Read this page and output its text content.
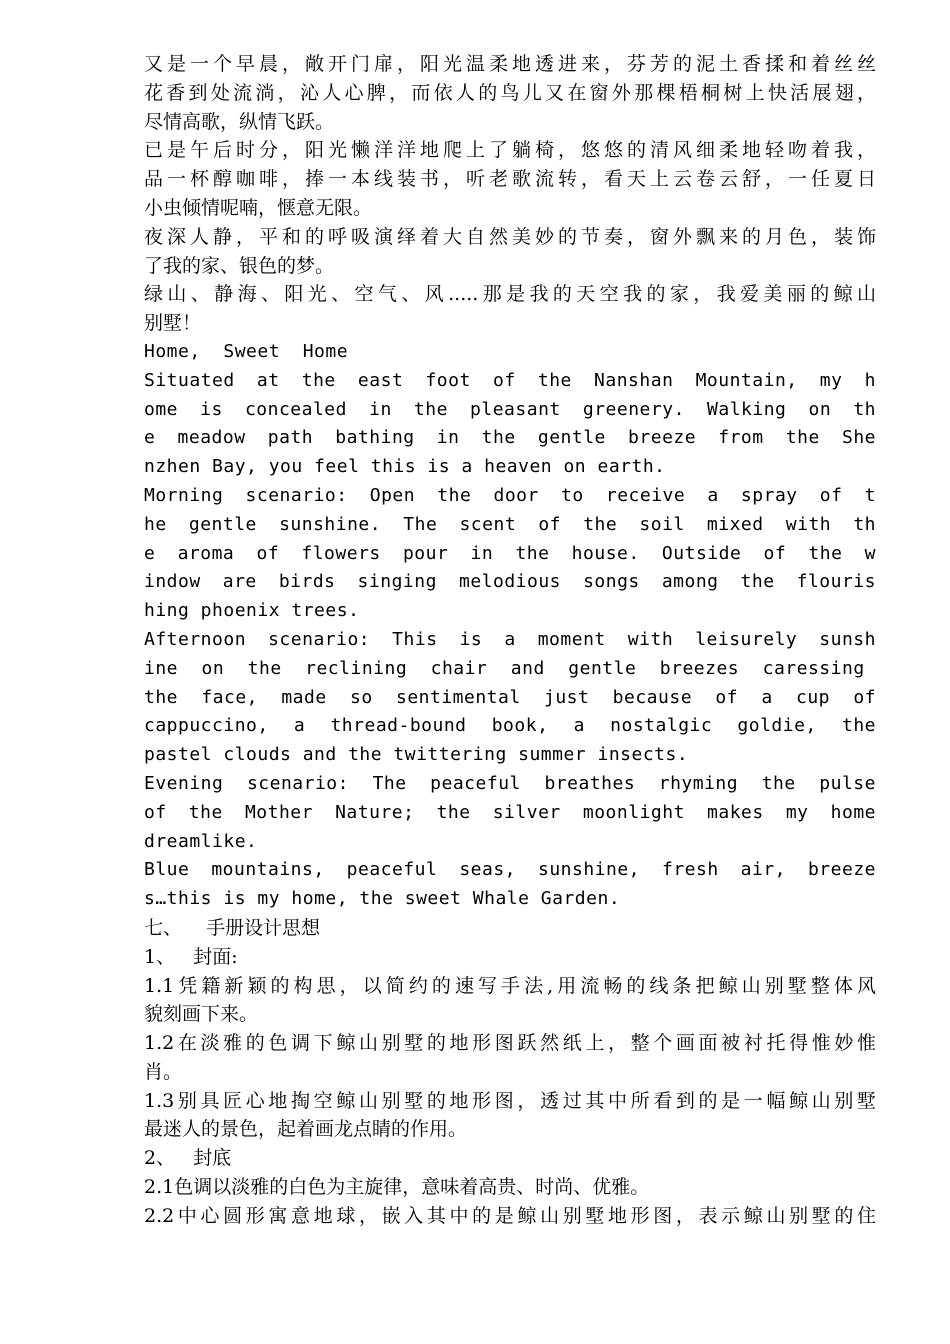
又是一个早晨，敞开门扉，阳光温柔地透进来，芬芳的泥土香揉和着丝丝
花香到处流淌，沁人心脾，而依人的鸟儿又在窗外那棵梧桐树上快活展翅，
尽情高歌，纵情飞跃。
已是午后时分，阳光懒洋洋地爬上了躺椅，悠悠的清风细柔地轻吻着我，
品一杯醇咖啡，捧一本线装书，听老歌流转，看天上云卷云舒，一任夏日
小虫倾情呢喃，惬意无限。
夜深人静，平和的呼吸演绎着大自然美妙的节奏，窗外飘来的月色，装饰
了我的家、银色的梦。
绿山、静海、阳光、空气、风.....那是我的天空我的家，我爱美丽的鲸山
别墅！
Home,  Sweet  Home
Situated at the east foot of the Nanshan Mountain, my h
ome is concealed in the pleasant greenery. Walking on th
e meadow path bathing in the gentle breeze from the She
nzhen Bay, you feel this is a heaven on earth.
Morning scenario: Open the door to receive a spray of t
he gentle sunshine. The scent of the soil mixed with th
e aroma of flowers pour in the house. Outside of the w
indow are birds singing melodious songs among the flouris
hing phoenix trees.
Afternoon scenario: This is a moment with leisurely sunsh
ine on the reclining chair and gentle breezes caressing
the face, made so sentimental just because of a cup of
cappuccino, a thread-bound book, a nostalgic goldie, the
pastel clouds and the twittering summer insects.
Evening scenario: The peaceful breathes rhyming the pulse
of the Mother Nature; the silver moonlight makes my home
dreamlike.
Blue mountains, peaceful seas, sunshine, fresh air, breeze
s…this is my home, the sweet Whale Garden.
七、    手册设计思想
1、   封面:
1.1凭籍新颖的构思，以简约的速写手法,用流畅的线条把鲸山别墅整体风
貌刻画下来。
1.2在淡雅的色调下鲸山别墅的地形图跃然纸上，整个画面被衬托得惟妙惟
肖。
1.3别具匠心地掏空鲸山别墅的地形图，透过其中所看到的是一幅鲸山别墅
最迷人的景色，起着画龙点睛的作用。
2、   封底
2.1色调以淡雅的白色为主旋律，意味着高贵、时尚、优雅。
2.2中心圆形寓意地球，嵌入其中的是鲸山别墅地形图，表示鲸山别墅的住
